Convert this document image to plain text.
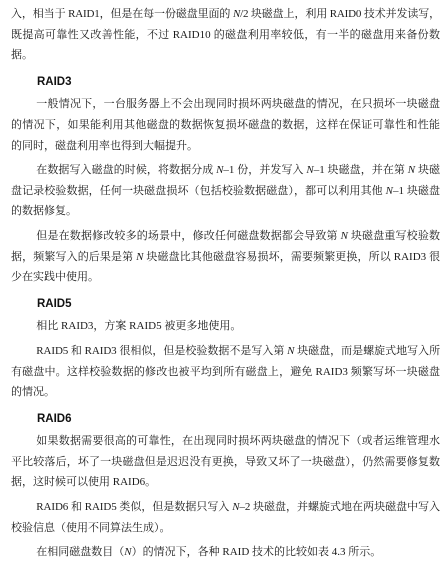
入，相当于 RAID1，但是在每一份磁盘里面的 N/2 块磁盘上，利用 RAID0 技术并发读写，
既提高可靠性又改善性能，不过 RAID10 的磁盘利用率较低，有一半的磁盘用来备份数
据。
RAID3
一般情况下，一台服务器上不会出现同时损坏两块磁盘的情况，在只损坏一块磁盘
的情况下，如果能利用其他磁盘的数据恢复损坏磁盘的数据，这样在保证可靠性和性能
的同时，磁盘利用率也得到大幅提升。
在数据写入磁盘的时候，将数据分成 N–1 份，并发写入 N–1 块磁盘，并在第 N 块磁
盘记录校验数据，任何一块磁盘损坏（包括校验数据磁盘），都可以利用其他 N–1 块磁盘
的数据修复。
但是在数据修改较多的场景中，修改任何磁盘数据都会导致第 N 块磁盘重写校验数
据，频繁写入的后果是第 N 块磁盘比其他磁盘容易损坏，需要频繁更换，所以 RAID3 很
少在实践中使用。
RAID5
相比 RAID3，方案 RAID5 被更多地使用。
RAID5 和 RAID3 很相似，但是校验数据不是写入第 N 块磁盘，而是螺旋式地写入所
有磁盘中。这样校验数据的修改也被平均到所有磁盘上，避免 RAID3 频繁写坏一块磁盘
的情况。
RAID6
如果数据需要很高的可靠性，在出现同时损坏两块磁盘的情况下（或者运维管理水
平比较落后，坏了一块磁盘但是迟迟没有更换，导致又坏了一块磁盘），仍然需要修复数
据，这时候可以使用 RAID6。
RAID6 和 RAID5 类似，但是数据只写入 N–2 块磁盘，并螺旋式地在两块磁盘中写入
校验信息（使用不同算法生成）。
在相同磁盘数目（N）的情况下，各种 RAID 技术的比较如表 4.3 所示。
